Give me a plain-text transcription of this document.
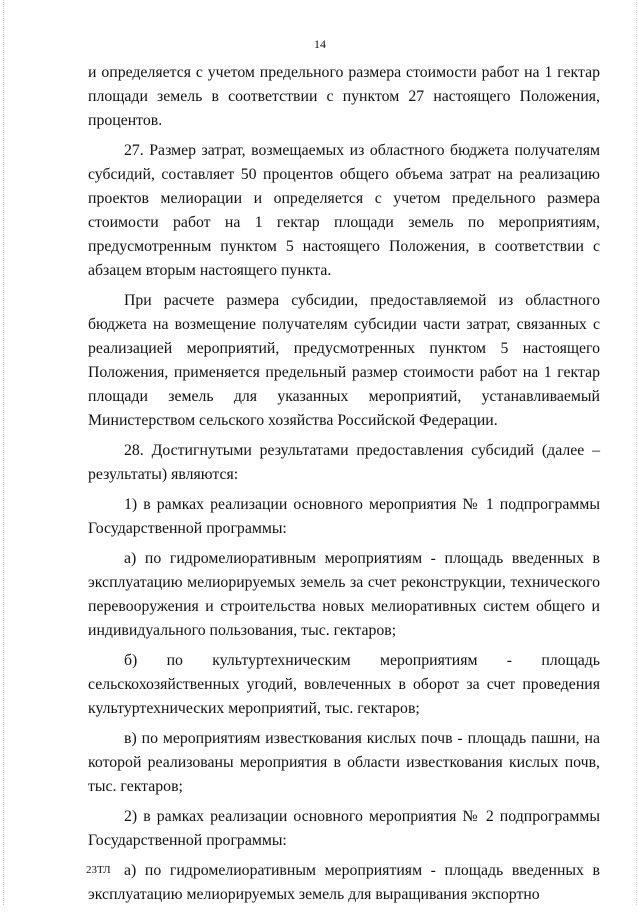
14

и определяется с учетом предельного размера стоимости работ на 1 гектар площади земель в соответствии с пунктом 27 настоящего Положения, процентов.

27. Размер затрат, возмещаемых из областного бюджета получателям субсидий, составляет 50 процентов общего объема затрат на реализацию проектов мелиорации и определяется с учетом предельного размера стоимости работ на 1 гектар площади земель по мероприятиям, предусмотренным пунктом 5 настоящего Положения, в соответствии с абзацем вторым настоящего пункта.

При расчете размера субсидии, предоставляемой из областного бюджета на возмещение получателям субсидии части затрат, связанных с реализацией мероприятий, предусмотренных пунктом 5 настоящего Положения, применяется предельный размер стоимости работ на 1 гектар площади земель для указанных мероприятий, устанавливаемый Министерством сельского хозяйства Российской Федерации.

28. Достигнутыми результатами предоставления субсидий (далее – результаты) являются:

1) в рамках реализации основного мероприятия № 1 подпрограммы Государственной программы:

а) по гидромелиоративным мероприятиям - площадь введенных в эксплуатацию мелиорируемых земель за счет реконструкции, технического перевооружения и строительства новых мелиоративных систем общего и индивидуального пользования, тыс. гектаров;

б) по культуртехническим мероприятиям - площадь сельскохозяйственных угодий, вовлеченных в оборот за счет проведения культуртехнических мероприятий, тыс. гектаров;

в) по мероприятиям известкования кислых почв - площадь пашни, на которой реализованы мероприятия в области известкования кислых почв, тыс. гектаров;

2) в рамках реализации основного мероприятия № 2 подпрограммы Государственной программы:

а) по гидромелиоративным мероприятиям - площадь введенных в эксплуатацию мелиорируемых земель для выращивания экспортно

23ТЛ
